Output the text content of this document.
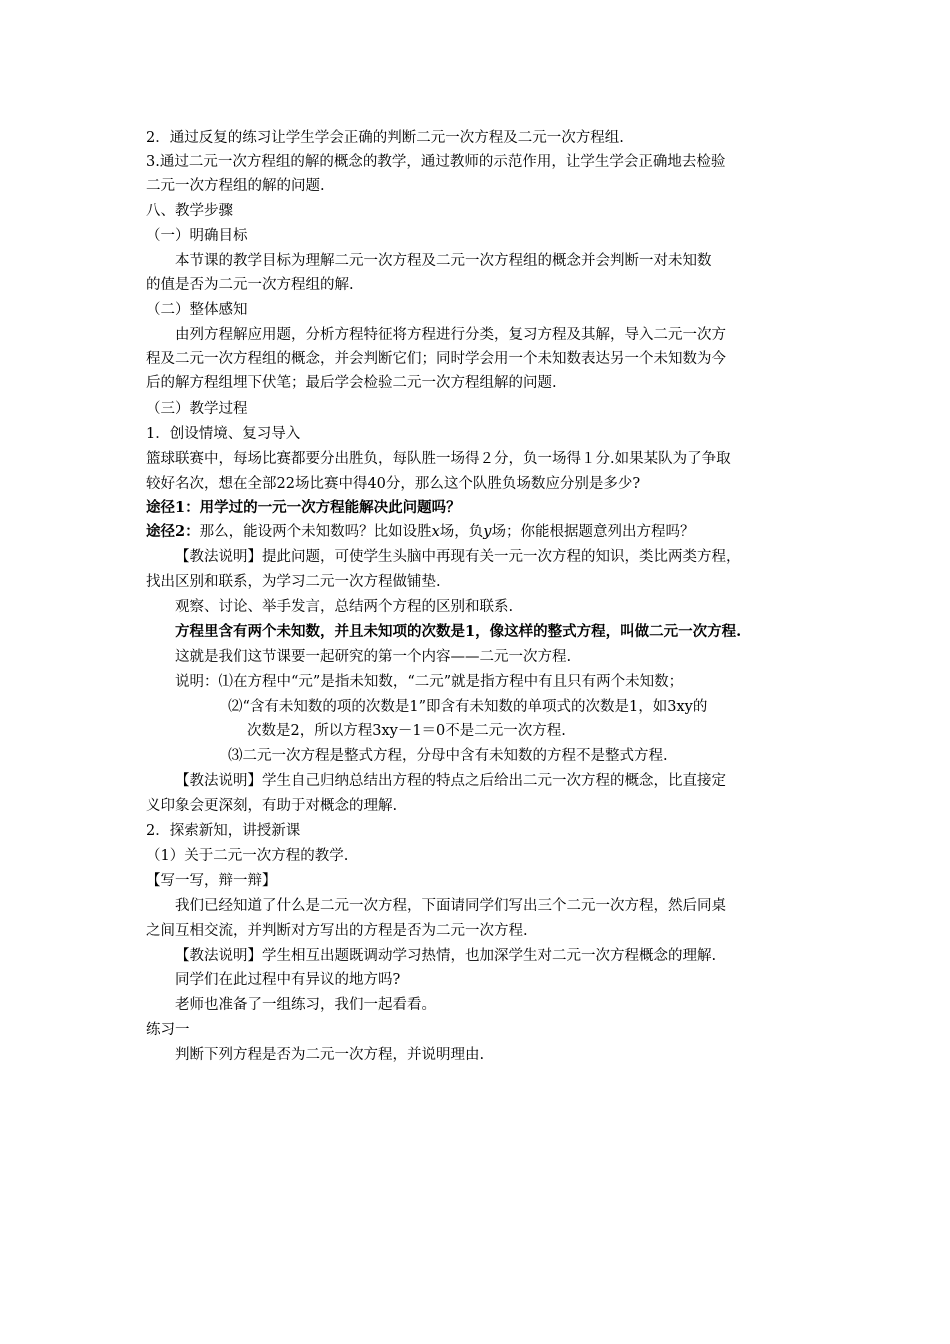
2．通过反复的练习让学生学会正确的判断二元一次方程及二元一次方程组.
3.通过二元一次方程组的解的概念的教学，通过教师的示范作用，让学生学会正确地去检验
二元一次方程组的解的问题.
八、教学步骤
（一）明确目标
本节课的教学目标为理解二元一次方程及二元一次方程组的概念并会判断一对未知数
的值是否为二元一次方程组的解.
（二）整体感知
由列方程解应用题，分析方程特征将方程进行分类，复习方程及其解，导入二元一次方
程及二元一次方程组的概念，并会判断它们；同时学会用一个未知数表达另一个未知数为今
后的解方程组埋下伏笔；最后学会检验二元一次方程组解的问题.
（三）教学过程
1．创设情境、复习导入
篮球联赛中，每场比赛都要分出胜负，每队胜一场得２分，负一场得１分.如果某队为了争取
较好名次，想在全部22场比赛中得40分，那么这个队胜负场数应分别是多少?
途径1：用学过的一元一次方程能解决此问题吗？
途径2：那么，能设两个未知数吗？比如设胜x场，负y场；你能根据题意列出方程吗？
【教法说明】提此问题，可使学生头脑中再现有关一元一次方程的知识，类比两类方程，
找出区别和联系，为学习二元一次方程做铺垫.
观察、讨论、举手发言，总结两个方程的区别和联系.
方程里含有两个未知数，并且未知项的次数是1，像这样的整式方程，叫做二元一次方程.
这就是我们这节课要一起研究的第一个内容——二元一次方程.
说明：⑴在方程中“元”是指未知数，“二元”就是指方程中有且只有两个未知数；
⑵“含有未知数的项的次数是1”即含有未知数的单项式的次数是1，如3xy的
次数是2，所以方程3xy－1＝0不是二元一次方程.
⑶二元一次方程是整式方程，分母中含有未知数的方程不是整式方程.
【教法说明】学生自己归纳总结出方程的特点之后给出二元一次方程的概念，比直接定
义印象会更深刻，有助于对概念的理解.
2．探索新知，讲授新课
（1）关于二元一次方程的教学.
【写一写，辩一辩】
我们已经知道了什么是二元一次方程，下面请同学们写出三个二元一次方程，然后同桌
之间互相交流，并判断对方写出的方程是否为二元一次方程.
【教法说明】学生相互出题既调动学习热情，也加深学生对二元一次方程概念的理解.
同学们在此过程中有异议的地方吗?
老师也准备了一组练习，我们一起看看。
练习一
判断下列方程是否为二元一次方程，并说明理由.
